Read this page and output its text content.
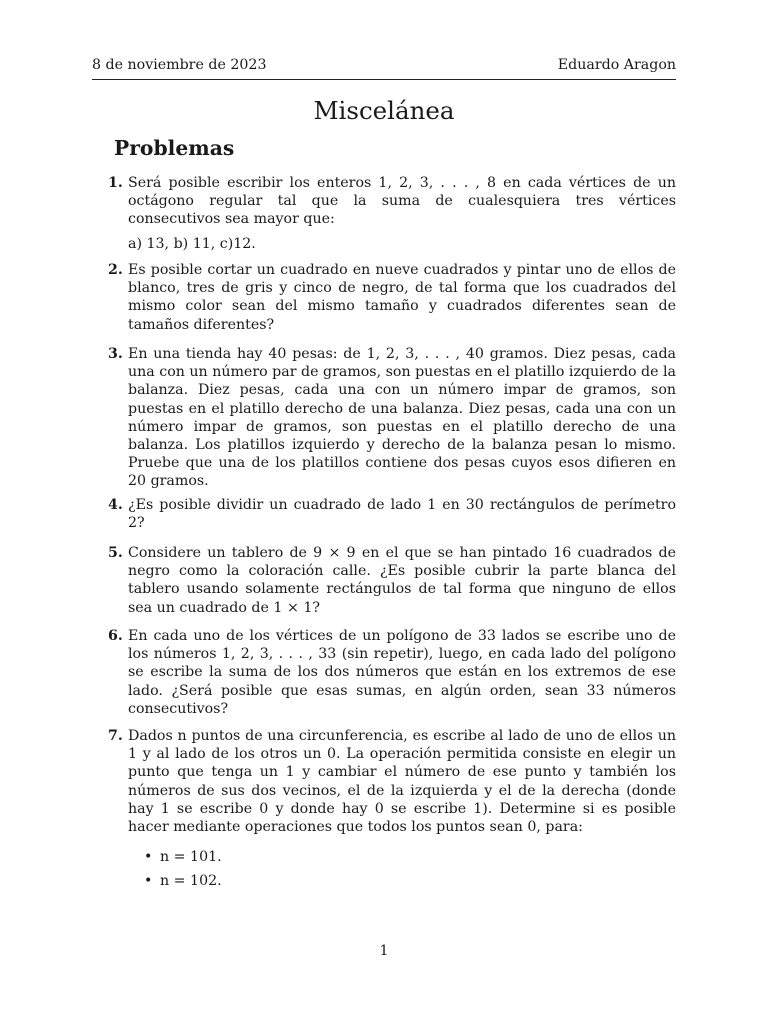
8 de noviembre de 2023	Eduardo Aragon
Miscelánea
Problemas
1. Será posible escribir los enteros 1, 2, 3, . . . , 8 en cada vértices de un octágono regular tal que la suma de cualesquiera tres vértices consecutivos sea mayor que:
a) 13, b) 11, c)12.
2. Es posible cortar un cuadrado en nueve cuadrados y pintar uno de ellos de blanco, tres de gris y cinco de negro, de tal forma que los cuadrados del mismo color sean del mismo tamaño y cuadrados diferentes sean de tamaños diferentes?
3. En una tienda hay 40 pesas: de 1, 2, 3, . . . , 40 gramos. Diez pesas, cada una con un número par de gramos, son puestas en el platillo izquierdo de la balanza. Diez pesas, cada una con un número impar de gramos, son puestas en el platillo derecho de una balanza. Diez pesas, cada una con un número impar de gramos, son puestas en el platillo derecho de una balanza. Los platillos izquierdo y derecho de la balanza pesan lo mismo. Pruebe que una de los platillos contiene dos pesas cuyos esos difieren en 20 gramos.
4. ¿Es posible dividir un cuadrado de lado 1 en 30 rectángulos de perímetro 2?
5. Considere un tablero de 9 × 9 en el que se han pintado 16 cuadrados de negro como la coloración calle. ¿Es posible cubrir la parte blanca del tablero usando solamente rectángulos de tal forma que ninguno de ellos sea un cuadrado de 1 × 1?
6. En cada uno de los vértices de un polígono de 33 lados se escribe uno de los números 1, 2, 3, . . . , 33 (sin repetir), luego, en cada lado del polígono se escribe la suma de los dos números que están en los extremos de ese lado. ¿Será posible que esas sumas, en algún orden, sean 33 números consecutivos?
7. Dados n puntos de una circunferencia, es escribe al lado de uno de ellos un 1 y al lado de los otros un 0. La operación permitida consiste en elegir un punto que tenga un 1 y cambiar el número de ese punto y también los números de sus dos vecinos, el de la izquierda y el de la derecha (donde hay 1 se escribe 0 y donde hay 0 se escribe 1). Determine si es posible hacer mediante operaciones que todos los puntos sean 0, para:
• n = 101.
• n = 102.
1
